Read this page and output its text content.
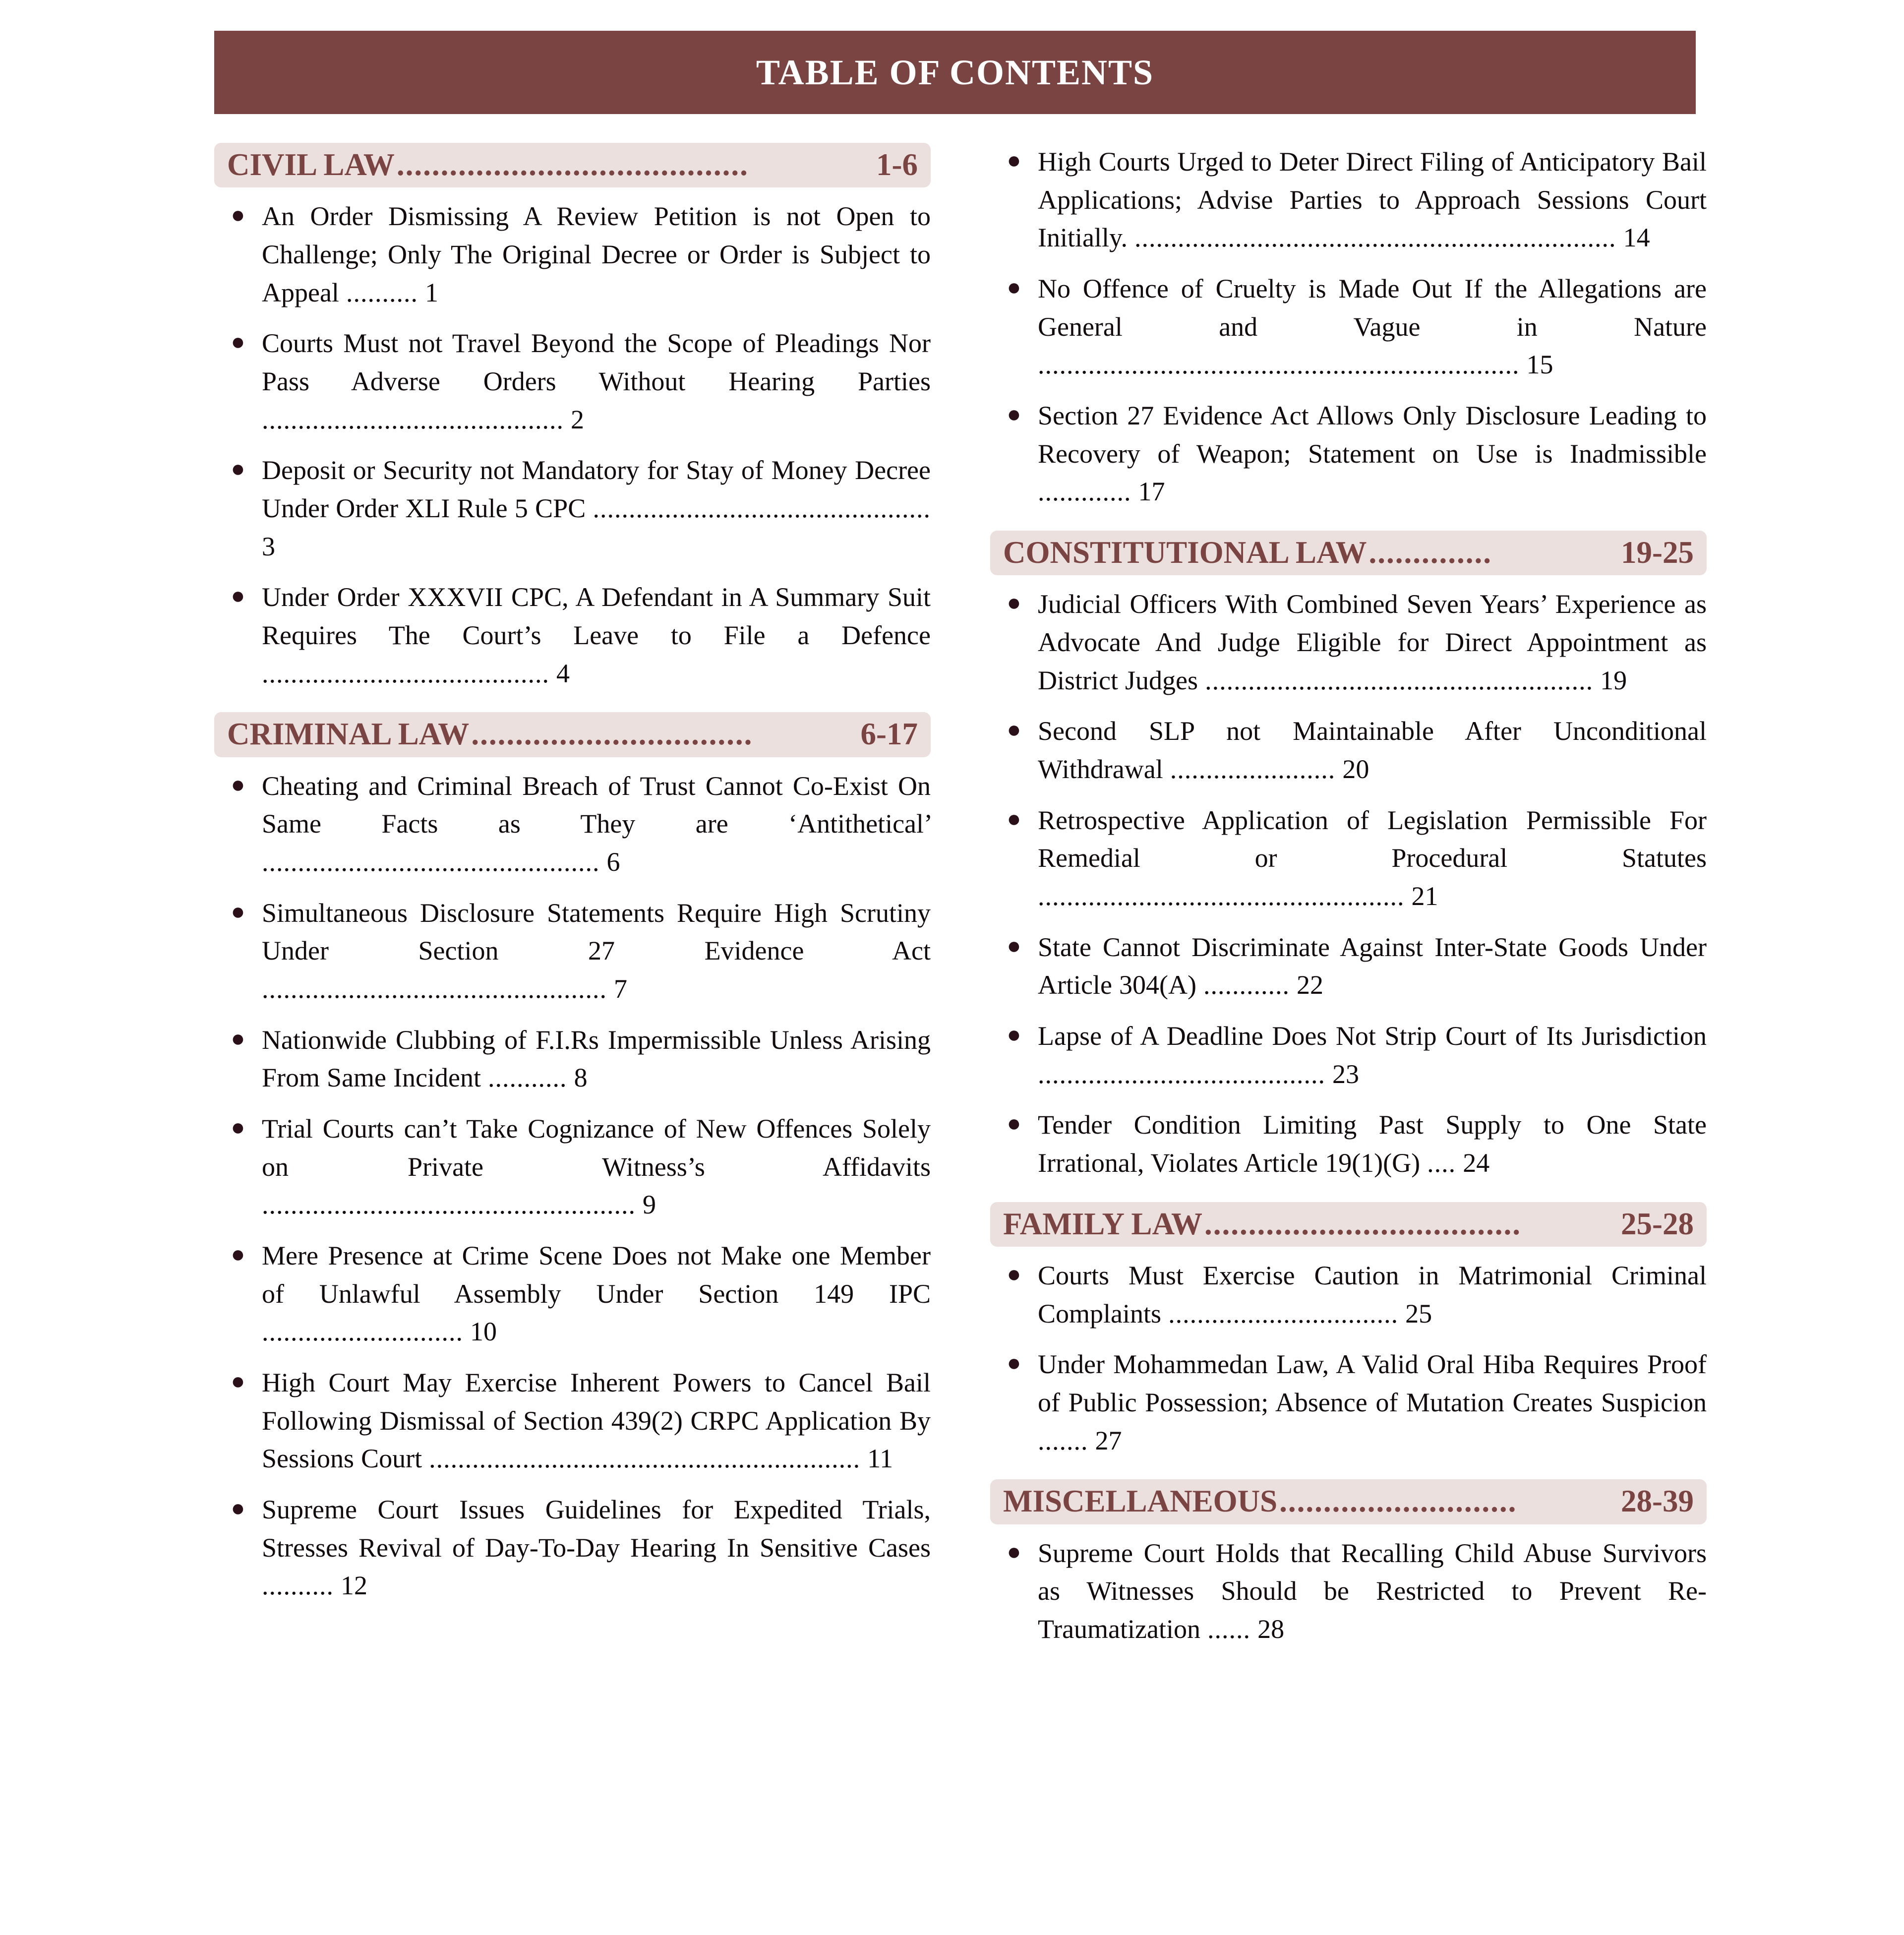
TABLE OF CONTENTS
CIVIL LAW ........................................	1-6
● An Order Dismissing A Review Petition is not Open to Challenge; Only The Original Decree or Order is Subject to Appeal .......... 1
● Courts Must not Travel Beyond the Scope of Pleadings Nor Pass Adverse Orders Without Hearing Parties .......................................... 2
● Deposit or Security not Mandatory for Stay of Money Decree Under Order XLI Rule 5 CPC ............................................... 3
● Under Order XXXVII CPC, A Defendant in A Summary Suit Requires The Court’s Leave to File a Defence ........................................ 4
CRIMINAL LAW ................................	6-17
● Cheating and Criminal Breach of Trust Cannot Co-Exist On Same Facts as They are ‘Antithetical’ ............................................... 6
● Simultaneous Disclosure Statements Require High Scrutiny Under Section 27 Evidence Act ................................................ 7
● Nationwide Clubbing of F.I.Rs Impermissible Unless Arising From Same Incident ........... 8
● Trial Courts can’t Take Cognizance of New Offences Solely on Private Witness’s Affidavits .................................................... 9
● Mere Presence at Crime Scene Does not Make one Member of Unlawful Assembly Under Section 149 IPC ............................ 10
● High Court May Exercise Inherent Powers to Cancel Bail Following Dismissal of Section 439(2) CRPC Application By Sessions Court ............................................................ 11
● Supreme Court Issues Guidelines for Expedited Trials, Stresses Revival of Day-To-Day Hearing In Sensitive Cases .......... 12
● High Courts Urged to Deter Direct Filing of Anticipatory Bail Applications; Advise Parties to Approach Sessions Court Initially. ................................................................... 14
● No Offence of Cruelty is Made Out If the Allegations are General and Vague in Nature ................................................................... 15
● Section 27 Evidence Act Allows Only Disclosure Leading to Recovery of Weapon; Statement on Use is Inadmissible ............. 17
CONSTITUTIONAL LAW ..............	19-25
● Judicial Officers With Combined Seven Years’ Experience as Advocate And Judge Eligible for Direct Appointment as District Judges ...................................................... 19
● Second SLP not Maintainable After Unconditional Withdrawal ....................... 20
● Retrospective Application of Legislation Permissible For Remedial or Procedural Statutes ................................................... 21
● State Cannot Discriminate Against Inter-State Goods Under Article 304(A) ............ 22
● Lapse of A Deadline Does Not Strip Court of Its Jurisdiction ........................................ 23
● Tender Condition Limiting Past Supply to One State Irrational, Violates Article 19(1)(G) .... 24
FAMILY LAW ....................................	25-28
● Courts Must Exercise Caution in Matrimonial Criminal Complaints ................................ 25
● Under Mohammedan Law, A Valid Oral Hiba Requires Proof of Public Possession; Absence of Mutation Creates Suspicion ....... 27
MISCELLANEOUS ...........................	28-39
● Supreme Court Holds that Recalling Child Abuse Survivors as Witnesses Should be Restricted to Prevent Re-Traumatization ...... 28
